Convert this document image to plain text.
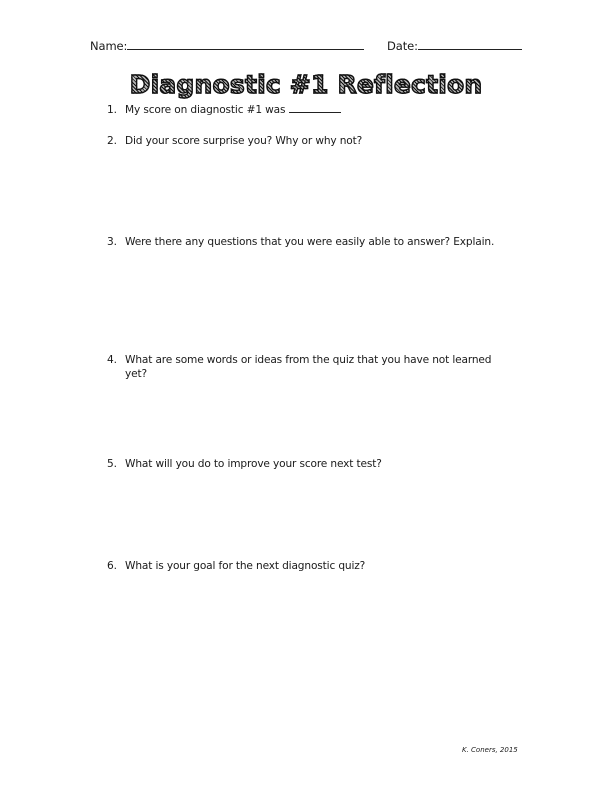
Name:	Date:
Diagnostic #1 Reflection
1. My score on diagnostic #1 was
2. Did your score surprise you? Why or why not?
3. Were there any questions that you were easily able to answer? Explain.
4. What are some words or ideas from the quiz that you have not learned yet?
5. What will you do to improve your score next test?
6. What is your goal for the next diagnostic quiz?
K. Coners, 2015
